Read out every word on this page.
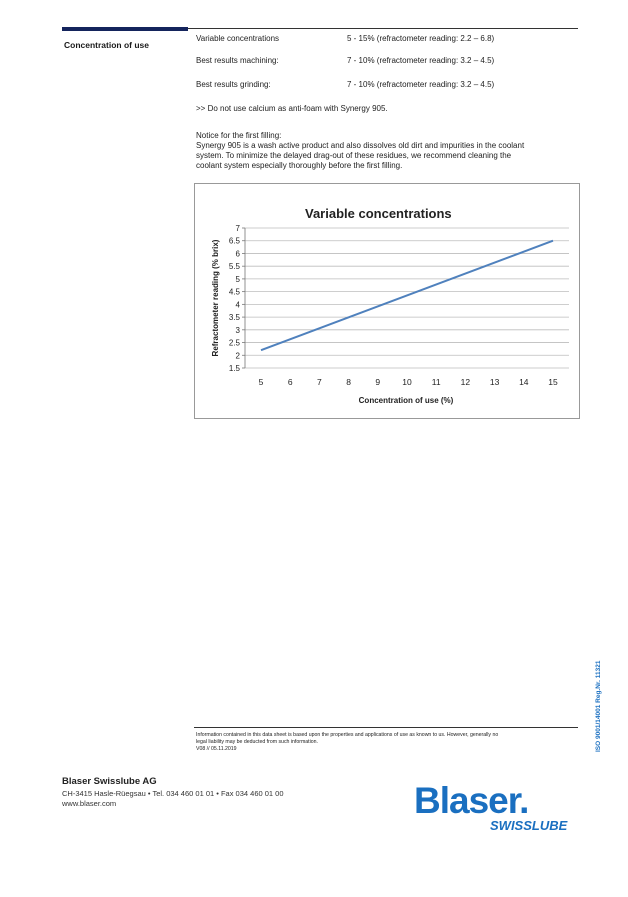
Concentration of use
Variable concentrations	5 - 15% (refractometer reading: 2.2 – 6.8)
Best results machining:	7 - 10% (refractometer reading: 3.2 – 4.5)
Best results grinding:	7 - 10% (refractometer reading: 3.2 – 4.5)
>> Do not use calcium as anti-foam with Synergy 905.
Notice for the first filling:
Synergy 905 is a wash active product and also dissolves old dirt and impurities in the coolant
system. To minimize the delayed drag-out of these residues, we recommend cleaning the
coolant system especially thoroughly before the first filling.
Variable concentrations
Concentration of use (%)
Refractometer reading (% brix)
1.5
2
2.5
3
3.5
4
4.5
5
5.5
6
6.5
7
5	6	7	8	9	10 11 12 13 14 15
Information contained in this data sheet is based upon the properties and applications of use as known to us. However, generally no
legal liability may be deducted from such information.
V08 // 05.11.2019	ISO 9001/14001 Reg.Nr. 11321
Blaser Swisslube AG
CH-3415 Hasle-Rüegsau • Tel. 034 460 01 01 • Fax 034 460 01 00
www.blaser.com	Blaser.
SWISSLUBE
